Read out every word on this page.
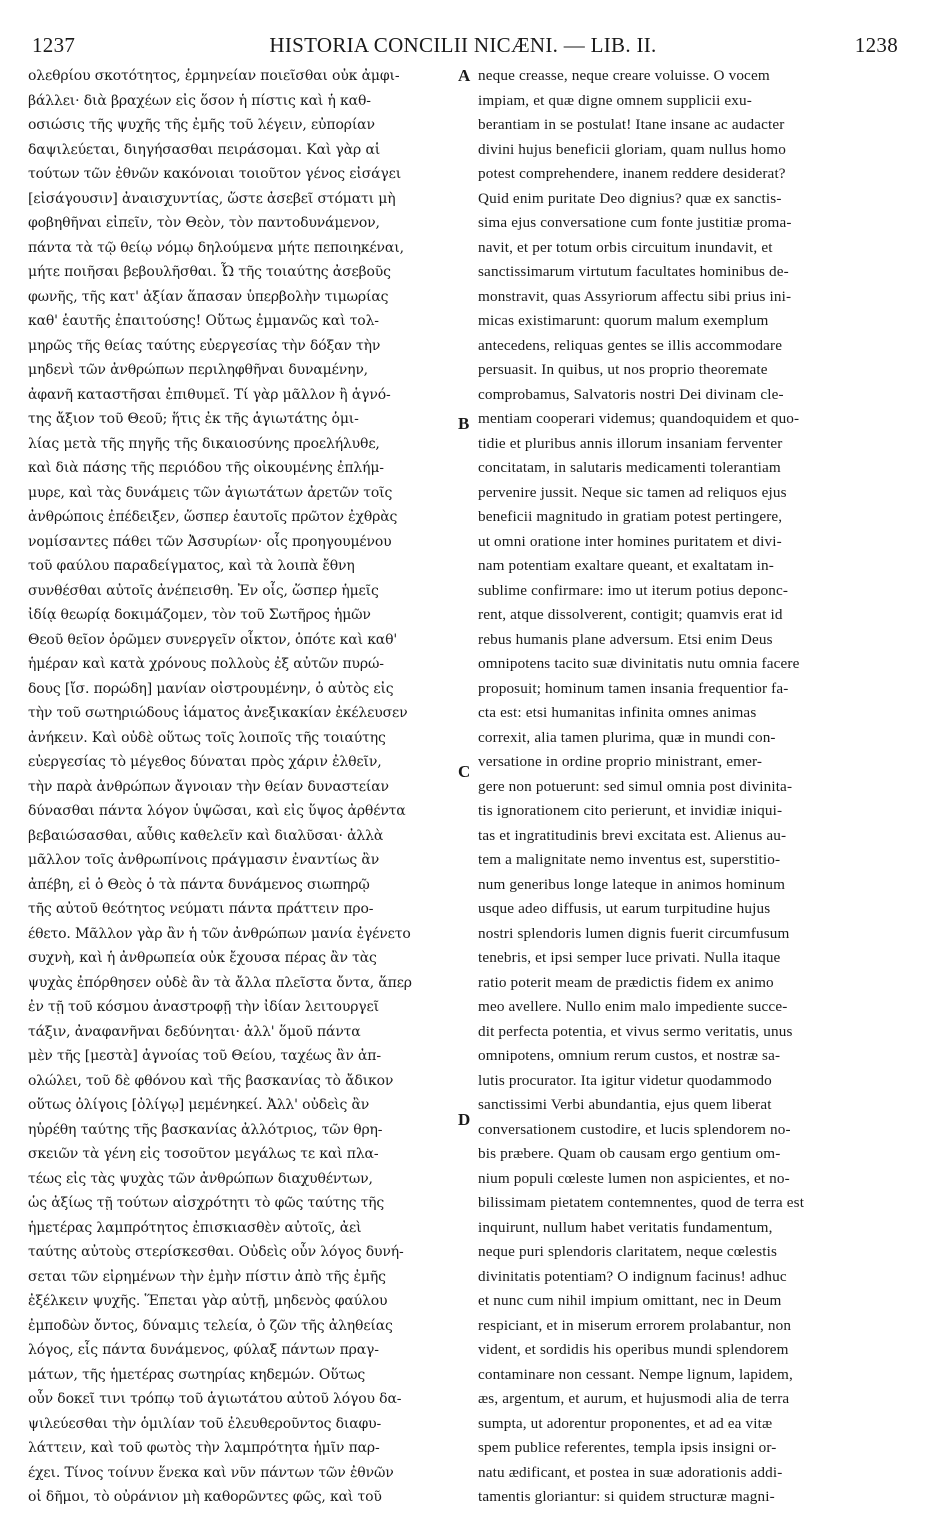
1237	HISTORIA CONCILII NICÆNI. — LIB. II.	1238
ολεθρίου σκοτότητος, ἑρμηνείαν ποιεῖσθαι οὐκ ἀμφι-
βάλλει· διὰ βραχέων εἰς ὅσον ἡ πίστις καὶ ἡ καθ-
οσιώσις τῆς ψυχῆς τῆς ἐμῆς τοῦ λέγειν, εὐπορίαν
δαψιλεύεται, διηγήσασθαι πειράσομαι. Καὶ γὰρ αἱ
τούτων τῶν ἐθνῶν κακόνοιαι τοιοῦτον γένος εἰσάγει
[εἰσάγουσιν] ἀναισχυντίας, ὥστε ἀσεβεῖ στόματι μὴ
φοβηθῆναι εἰπεῖν, τὸν Θεὸν, τὸν παντοδυνάμενον,
πάντα τὰ τῷ θείῳ νόμῳ δηλούμενα μήτε πεποιηκέναι,
μήτε ποιῆσαι βεβουλῆσθαι. Ὦ τῆς τοιαύτης ἀσεβοῦς
φωνῆς, τῆς κατ' ἀξίαν ἅπασαν ὑπερβολὴν τιμωρίας
καθ' ἑαυτῆς ἐπαιτούσης! Οὕτως ἐμμανῶς καὶ τολ-
μηρῶς τῆς θείας ταύτης εὐεργεσίας τὴν δόξαν τὴν
μηδενὶ τῶν ἀνθρώπων περιληφθῆναι δυναμένην,
ἀφανῆ καταστῆσαι ἐπιθυμεῖ. Τί γὰρ μᾶλλον ἢ ἁγνό-
της ἄξιον τοῦ Θεοῦ; ἥτις ἐκ τῆς ἁγιωτάτης ὁμι-
λίας μετὰ τῆς πηγῆς τῆς δικαιοσύνης προελήλυθε,
καὶ διὰ πάσης τῆς περιόδου τῆς οἰκουμένης ἐπλήμ-
μυρε, καὶ τὰς δυνάμεις τῶν ἁγιωτάτων ἀρετῶν τοῖς
ἀνθρώποις ἐπέδειξεν, ὥσπερ ἑαυτοῖς πρῶτον ἐχθρὰς
νομίσαντες πάθει τῶν Ἀσσυρίων· οἷς προηγουμένου
τοῦ φαύλου παραδείγματος, καὶ τὰ λοιπὰ ἔθνη
συνθέσθαι αὐτοῖς ἀνέπεισθη. Ἐν οἷς, ὥσπερ ἡμεῖς
ἰδίᾳ θεωρίᾳ δοκιμάζομεν, τὸν τοῦ Σωτῆρος ἡμῶν
Θεοῦ θεῖον ὁρῶμεν συνεργεῖν οἶκτον, ὁπότε καὶ καθ'
ἡμέραν καὶ κατὰ χρόνους πολλοὺς ἐξ αὐτῶν πυρώ-
δους [ἴσ. πορώδη] μανίαν οἰστρουμένην, ὁ αὐτὸς εἰς
τὴν τοῦ σωτηριώδους ἰάματος ἀνεξικακίαν ἐκέλευσεν
ἀνήκειν. Καὶ οὐδὲ οὕτως τοῖς λοιποῖς τῆς τοιαύτης
εὐεργεσίας τὸ μέγεθος δύναται πρὸς χάριν ἐλθεῖν,
τὴν παρὰ ἀνθρώπων ἄγνοιαν τὴν θείαν δυναστείαν
δύνασθαι πάντα λόγον ὑψῶσαι, καὶ εἰς ὕψος ἀρθέντα
βεβαιώσασθαι, αὖθις καθελεῖν καὶ διαλῦσαι· ἀλλὰ
μᾶλλον τοῖς ἀνθρωπίνοις πράγμασιν ἐναντίως ἂν
ἀπέβη, εἰ ὁ Θεὸς ὁ τὰ πάντα δυνάμενος σιωπηρῷ
τῆς αὐτοῦ θεότητος νεύματι πάντα πράττειν προ-
έθετο. Μᾶλλον γὰρ ἂν ἡ τῶν ἀνθρώπων μανία ἐγένετο
συχνὴ, καὶ ἡ ἀνθρωπεία οὐκ ἔχουσα πέρας ἂν τὰς
ψυχὰς ἐπόρθησεν οὐδὲ ἂν τὰ ἄλλα πλεῖστα ὄντα, ἅπερ
ἐν τῇ τοῦ κόσμου ἀναστροφῇ τὴν ἰδίαν λειτουργεῖ
τάξιν, ἀναφανῆναι δεδύνηται· ἀλλ' ὅμοῦ πάντα
μὲν τῆς [μεστὰ] ἀγνοίας τοῦ Θείου, ταχέως ἂν ἀπ-
ολώλει, τοῦ δὲ φθόνου καὶ τῆς βασκανίας τὸ ἄδικον
οὕτως ὀλίγοις [ὀλίγῳ] μεμένηκεί. Ἀλλ' οὐδεὶς ἂν
ηὑρέθη ταύτης τῆς βασκανίας ἀλλότριος, τῶν θρη-
σκειῶν τὰ γένη εἰς τοσοῦτον μεγάλως τε καὶ πλα-
τέως εἰς τὰς ψυχὰς τῶν ἀνθρώπων διαχυθέντων,
ὡς ἀξίως τῇ τούτων αἰσχρότητι τὸ φῶς ταύτης τῆς
ἡμετέρας λαμπρότητος ἐπισκιασθὲν αὐτοῖς, ἀεὶ
ταύτης αὐτοὺς στερίσκεσθαι. Οὐδεὶς οὖν λόγος δυνή-
σεται τῶν εἰρημένων τὴν ἐμὴν πίστιν ἀπὸ τῆς ἐμῆς
ἐξέλκειν ψυχῆς. Ἕπεται γὰρ αὐτῇ, μηδενὸς φαύλου
ἐμποδὼν ὄντος, δύναμις τελεία, ὁ ζῶν τῆς ἀληθείας
λόγος, εἷς πάντα δυνάμενος, φύλαξ πάντων πραγ-
μάτων, τῆς ἡμετέρας σωτηρίας κηδεμών. Οὕτως
οὖν δοκεῖ τινι τρόπῳ τοῦ ἁγιωτάτου αὐτοῦ λόγου δα-
ψιλεύεσθαι τὴν ὁμιλίαν τοῦ ἐλευθεροῦντος διαφυ-
λάττειν, καὶ τοῦ φωτὸς τὴν λαμπρότητα ἡμῖν παρ-
έχει. Τίνος τοίνυν ἕνεκα καὶ νῦν πάντων τῶν ἐθνῶν
οἱ δῆμοι, τὸ οὐράνιον μὴ καθορῶντες φῶς, καὶ τοῦ
neque creasse, neque creare voluisse. O vocem
impiam, et quæ digne omnem supplicii exu-
berantiam in se postulat! Itane insane ac audacter
divini hujus beneficii gloriam, quam nullus homo
potest comprehendere, inanem reddere desiderat?
Quid enim puritate Deo dignius? quæ ex sanctis-
sima ejus conversatione cum fonte justitiæ proma-
navit, et per totum orbis circuitum inundavit, et
sanctissimarum virtutum facultates hominibus de-
monstravit, quas Assyriorum affectu sibi prius ini-
micas existimarunt: quorum malum exemplum
antecedens, reliquas gentes se illis accommodare
persuasit. In quibus, ut nos proprio theoremate
comprobamus, Salvatoris nostri Dei divinam cle-
mentiam cooperari videmus; quandoquidem et quo-
tidie et pluribus annis illorum insaniam ferventer
concitatam, in salutaris medicamenti tolerantiam
pervenire jussit. Neque sic tamen ad reliquos ejus
beneficii magnitudo in gratiam potest pertingere,
ut omni oratione inter homines puritatem et divi-
nam potentiam exaltare queant, et exaltatam in-
sublime confirmare: imo ut iterum potius deponc-
rent, atque dissolverent, contigit; quamvis erat id
rebus humanis plane adversum. Etsi enim Deus
omnipotens tacito suæ divinitatis nutu omnia facere
proposuit; hominum tamen insania frequentior fa-
cta est: etsi humanitas infinita omnes animas
correxit, alia tamen plurima, quæ in mundi con-
versatione in ordine proprio ministrant, emer-
gere non potuerunt: sed simul omnia post divinita-
tis ignorationem cito perierunt, et invidiæ iniqui-
tas et ingratitudinis brevi excitata est. Alienus au-
tem a malignitate nemo inventus est, superstitio-
num generibus longe lateque in animos hominum
usque adeo diffusis, ut earum turpitudine hujus
nostri splendoris lumen dignis fuerit circumfusum
tenebris, et ipsi semper luce privati. Nulla itaque
ratio poterit meam de prædictis fidem ex animo
meo avellere. Nullo enim malo impediente succe-
dit perfecta potentia, et vivus sermo veritatis, unus
omnipotens, omnium rerum custos, et nostræ sa-
lutis procurator. Ita igitur videtur quodammodo
sanctissimi Verbi abundantia, ejus quem liberat
conversationem custodire, et lucis splendorem no-
bis præbere. Quam ob causam ergo gentium om-
nium populi cœleste lumen non aspicientes, et no-
bilissimam pietatem contemnentes, quod de terra est
inquirunt, nullum habet veritatis fundamentum,
neque puri splendoris claritatem, neque cœlestis
divinitatis potentiam? O indignum facinus! adhuc
et nunc cum nihil impium omittant, nec in Deum
respiciant, et in miserum errorem prolabantur, non
vident, et sordidis his operibus mundi splendorem
contaminare non cessant. Nempe lignum, lapidem,
æs, argentum, et aurum, et hujusmodi alia de terra
sumpta, ut adorentur proponentes, et ad ea vitæ
spem publice referentes, templa ipsis insigni or-
natu ædificant, et postea in suæ adorationis addi-
tamentis gloriantur: si quidem structuræ magni-
A
B
C
D
